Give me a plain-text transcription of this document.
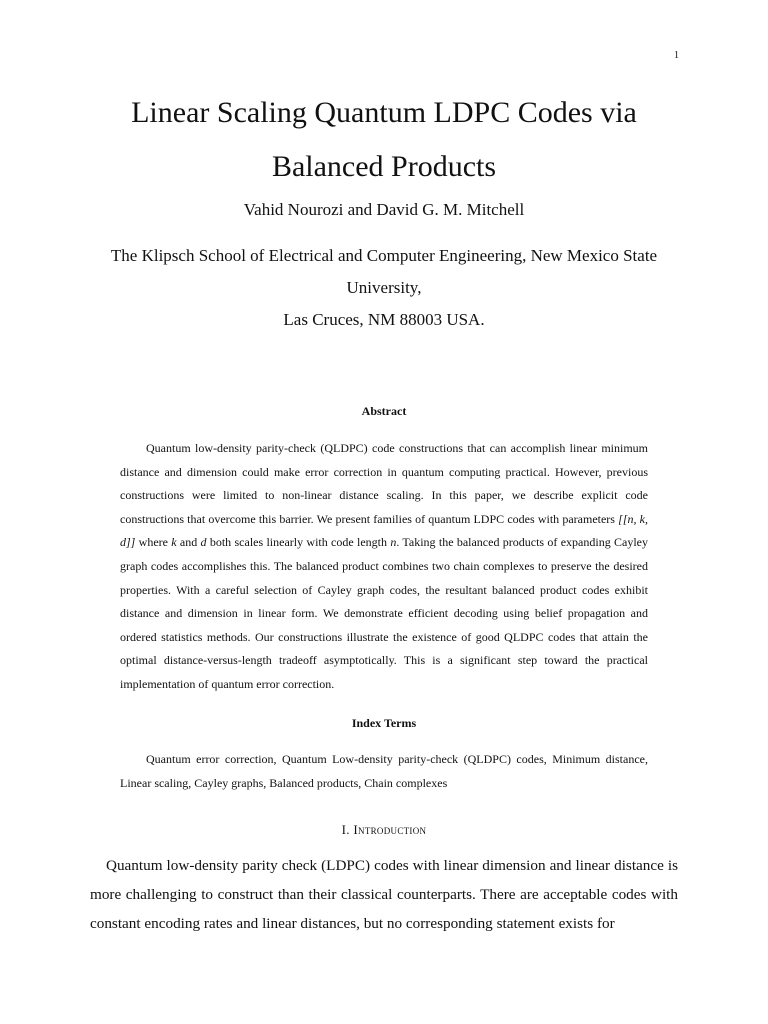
1
Linear Scaling Quantum LDPC Codes via
Balanced Products
Vahid Nourozi and David G. M. Mitchell
The Klipsch School of Electrical and Computer Engineering, New Mexico State
University,
Las Cruces, NM 88003 USA.
Abstract

Quantum low-density parity-check (QLDPC) code constructions that can accomplish linear minimum distance and dimension could make error correction in quantum computing practical. However, previous constructions were limited to non-linear distance scaling. In this paper, we describe explicit code constructions that overcome this barrier. We present families of quantum LDPC codes with parameters [[n, k, d]] where k and d both scales linearly with code length n. Taking the balanced products of expanding Cayley graph codes accomplishes this. The balanced product combines two chain complexes to preserve the desired properties. With a careful selection of Cayley graph codes, the resultant balanced product codes exhibit distance and dimension in linear form. We demonstrate efficient decoding using belief propagation and ordered statistics methods. Our constructions illustrate the existence of good QLDPC codes that attain the optimal distance-versus-length tradeoff asymptotically. This is a significant step toward the practical implementation of quantum error correction.

Index Terms

Quantum error correction, Quantum Low-density parity-check (QLDPC) codes, Minimum distance, Linear scaling, Cayley graphs, Balanced products, Chain complexes

I. Introduction

Quantum low-density parity check (LDPC) codes with linear dimension and linear distance is more challenging to construct than their classical counterparts. There are acceptable codes with constant encoding rates and linear distances, but no corresponding statement exists for
